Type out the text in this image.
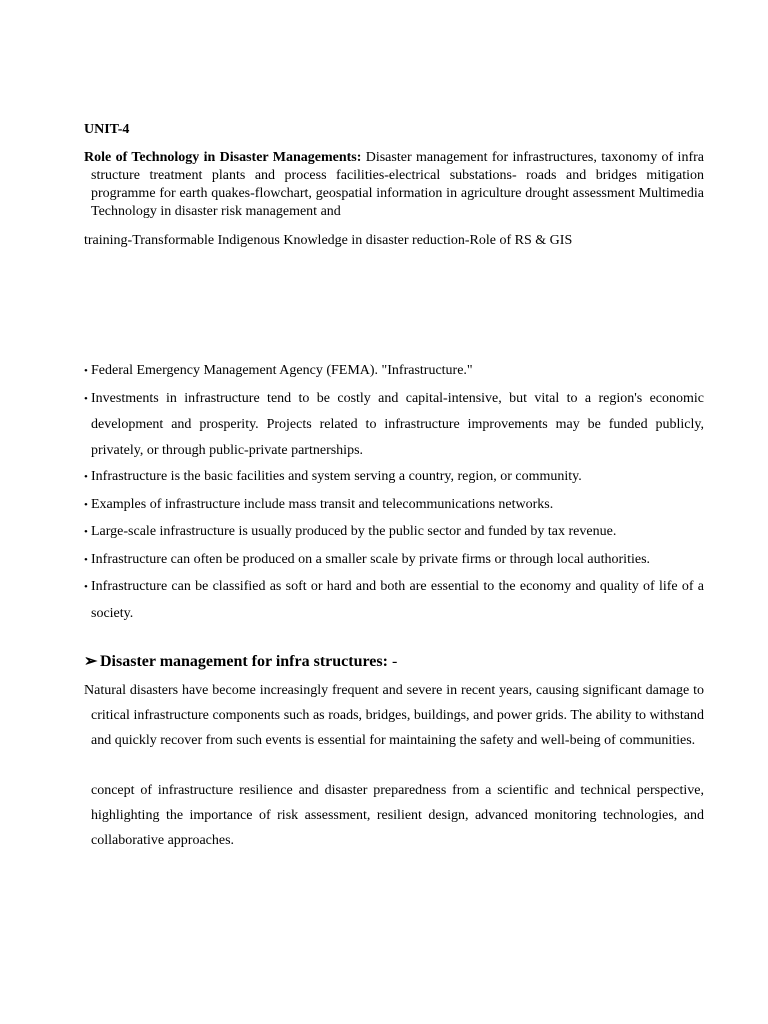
UNIT-4
Role of Technology in Disaster Managements: Disaster management for infrastructures, taxonomy of infra structure treatment plants and process facilities-electrical substations- roads and bridges mitigation programme for earth quakes-flowchart, geospatial information in agriculture drought assessment Multimedia Technology in disaster risk management and
training-Transformable Indigenous Knowledge in disaster reduction-Role of RS & GIS
• Federal Emergency Management Agency (FEMA). "Infrastructure."
• Investments in infrastructure tend to be costly and capital-intensive, but vital to a region's economic development and prosperity. Projects related to infrastructure improvements may be funded publicly, privately, or through public-private partnerships.
• Infrastructure is the basic facilities and system serving a country, region, or community.
• Examples of infrastructure include mass transit and telecommunications networks.
• Large-scale infrastructure is usually produced by the public sector and funded by tax revenue.
• Infrastructure can often be produced on a smaller scale by private firms or through local authorities.
• Infrastructure can be classified as soft or hard and both are essential to the economy and quality of life of a society.
➢ Disaster management for infra structures: -
Natural disasters have become increasingly frequent and severe in recent years, causing significant damage to critical infrastructure components such as roads, bridges, buildings, and power grids. The ability to withstand and quickly recover from such events is essential for maintaining the safety and well-being of communities.
concept of infrastructure resilience and disaster preparedness from a scientific and technical perspective, highlighting the importance of risk assessment, resilient design, advanced monitoring technologies, and collaborative approaches.
